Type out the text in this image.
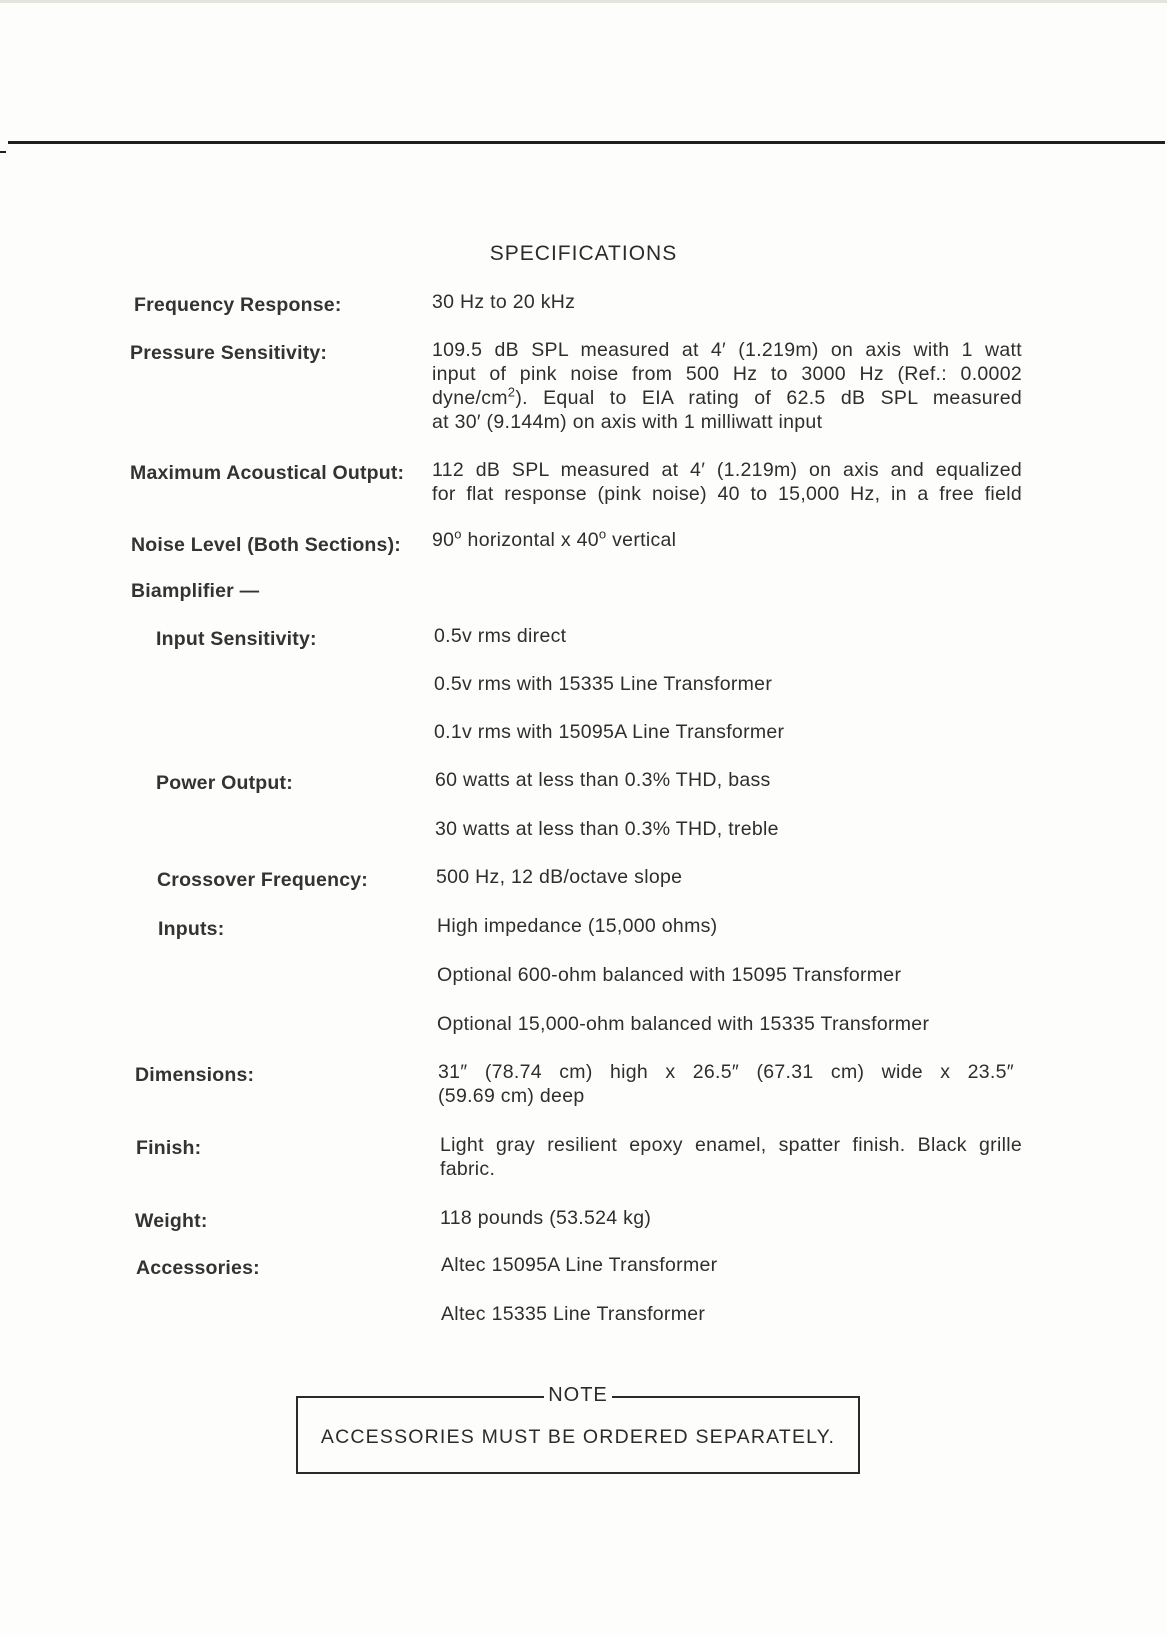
SPECIFICATIONS
Frequency Response:	30 Hz to 20 kHz
Pressure Sensitivity:	109.5 dB SPL measured at 4′ (1.219m) on axis with 1 watt
input of pink noise from 500 Hz to 3000 Hz (Ref.: 0.0002
dyne/$cm^2$). Equal to EIA rating of 62.5 dB SPL measured
at 30′ (9.144m) on axis with 1 milliwatt input
Maximum Acoustical Output: 112 dB SPL measured at 4′ (1.219m) on axis and equalized
for flat response (pink noise) 40 to 15,000 Hz, in a free field
Noise Level (Both Sections): 90$^o$ horizontal x 40$^o$ vertical
Biamplifier —
Input Sensitivity:	0.5v rms direct
0.5v rms with 15335 Line Transformer
0.1v rms with 15095A Line Transformer
Power Output:	60 watts at less than 0.3% THD, bass
30 watts at less than 0.3% THD, treble
Crossover Frequency:	500 Hz, 12 dB/octave slope
Inputs:	High impedance (15,000 ohms)
Optional 600-ohm balanced with 15095 Transformer
Optional 15,000-ohm balanced with 15335 Transformer
Dimensions:	31″ (78.74 cm) high x 26.5″ (67.31 cm) wide x 23.5″
(59.69 cm) deep
Finish:	Light gray resilient epoxy enamel, spatter finish. Black grille
fabric.
Weight:	118 pounds (53.524 kg)
Accessories:	Altec 15095A Line Transformer
Altec 15335 Line Transformer
NOTE
ACCESSORIES MUST BE ORDERED SEPARATELY.
